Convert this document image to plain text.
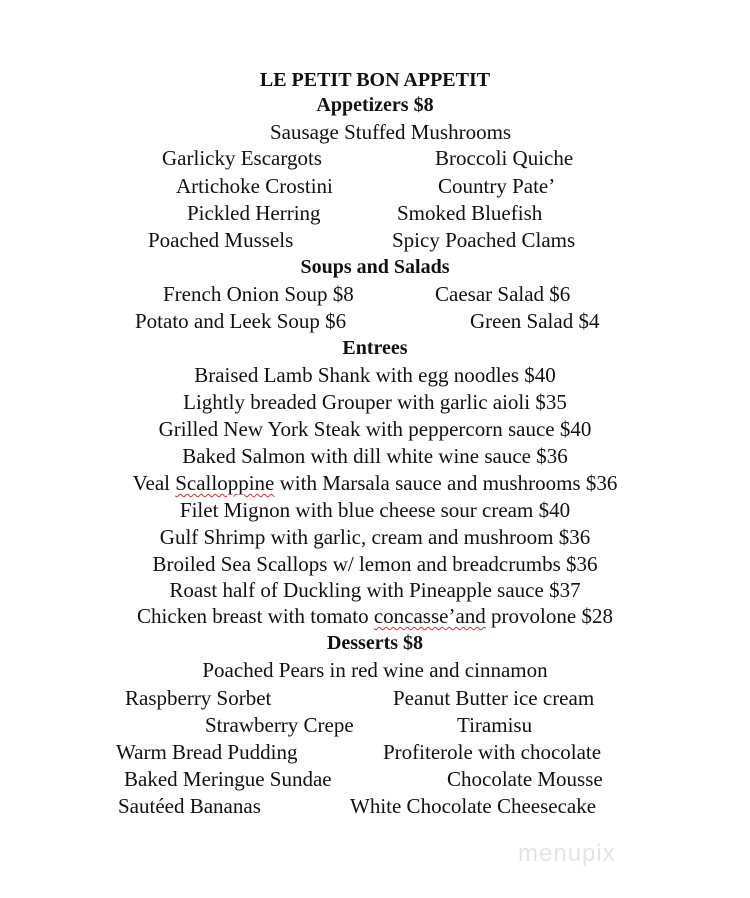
LE PETIT BON APPETIT
Appetizers $8
Sausage Stuffed Mushrooms
Garlicky Escargots	Broccoli Quiche
Artichoke Crostini	Country Pate’
Pickled Herring	Smoked Bluefish
Poached Mussels	Spicy Poached Clams
Soups and Salads
French Onion Soup $8	Caesar Salad $6
Potato and Leek Soup $6	Green Salad $4
Entrees
Braised Lamb Shank with egg noodles $40
Lightly breaded Grouper with garlic aioli $35
Grilled New York Steak with peppercorn sauce $40
Baked Salmon with dill white wine sauce $36
Veal Scalloppine with Marsala sauce and mushrooms $36
Filet Mignon with blue cheese sour cream $40
Gulf Shrimp with garlic, cream and mushroom $36
Broiled Sea Scallops w/ lemon and breadcrumbs $36
Roast half of Duckling with Pineapple sauce $37
Chicken breast with tomato concasse’and provolone $28
Desserts $8
Poached Pears in red wine and cinnamon
Raspberry Sorbet	Peanut Butter ice cream
Strawberry Crepe	Tiramisu
Warm Bread Pudding	Profiterole with chocolate
Baked Meringue Sundae	Chocolate Mousse
Sautéed Bananas	White Chocolate Cheesecake
menupix
